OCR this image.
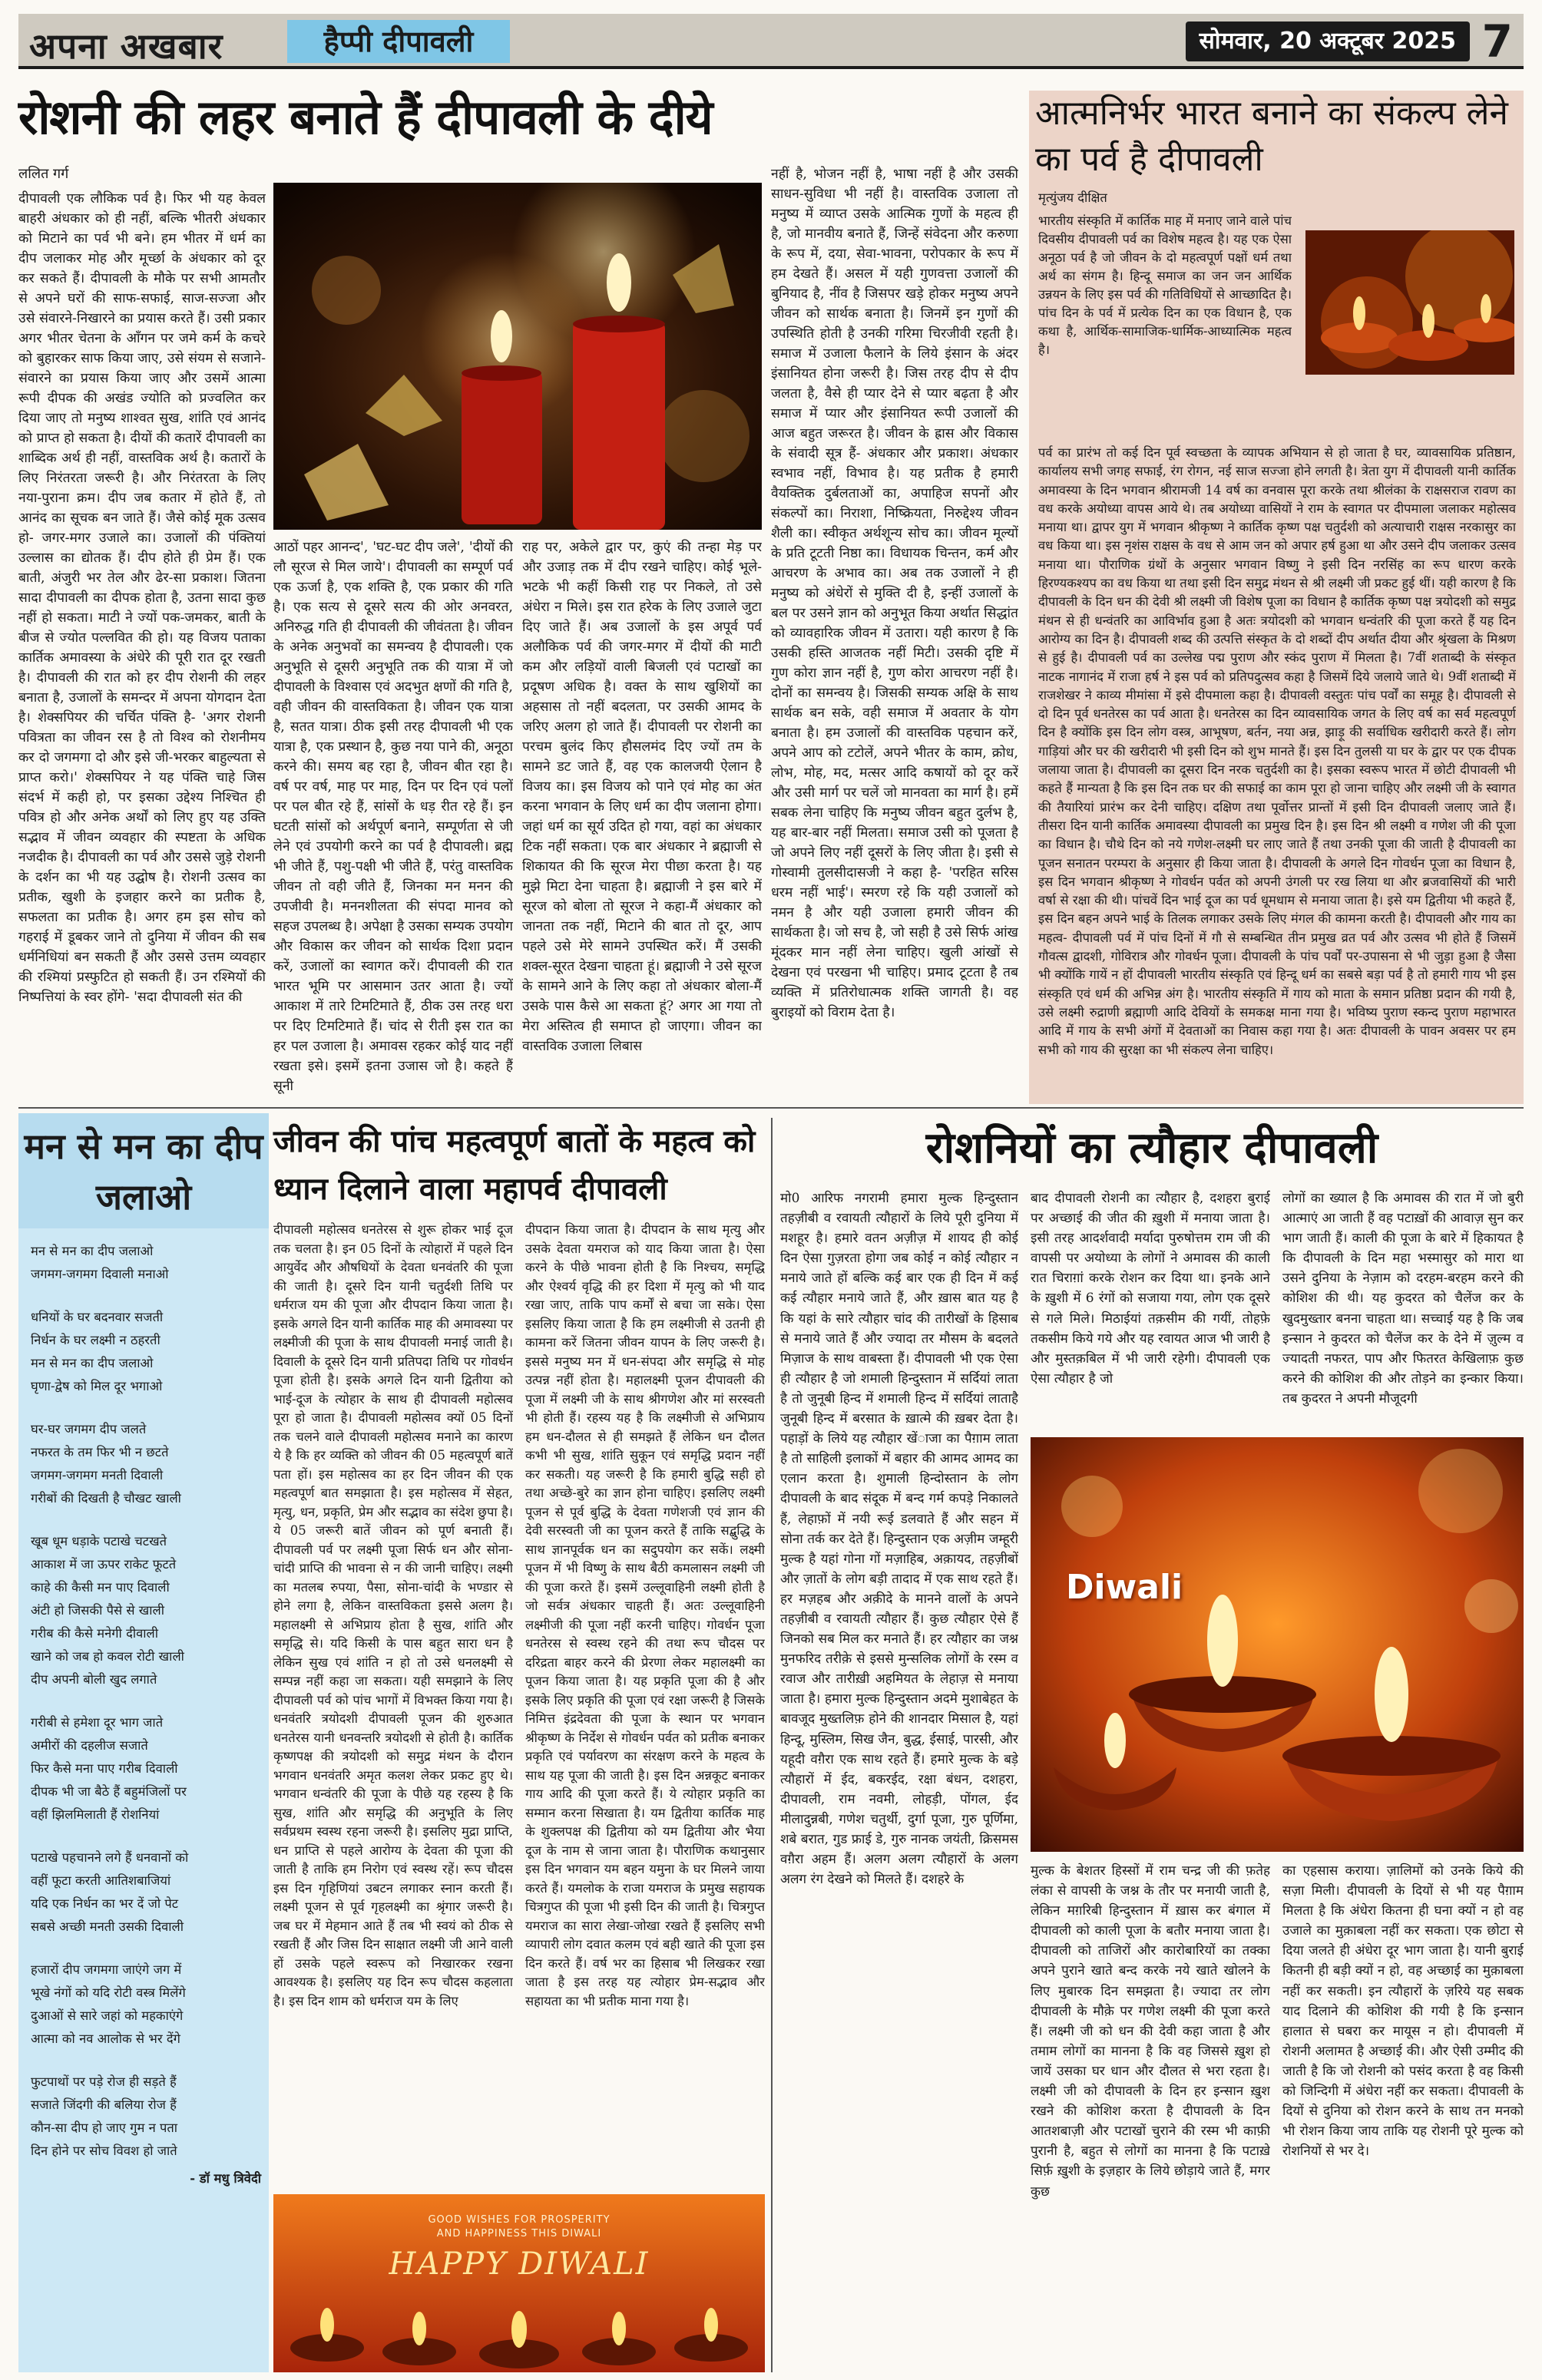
अपना अखबार	हैप्पी दीपावली	सोमवार, 20 अक्टूबर 2025 7
रोशनी की लहर बनाते हैं दीपावली के दीये
ललित गर्ग

दीपावली एक लौकिक पर्व है। फिर भी यह केवल बाहरी अंधकार को ही नहीं, बल्कि भीतरी अंधकार को मिटाने का पर्व भी बने। हम भीतर में धर्म का दीप जलाकर मोह और मूर्च्छा के अंधकार को दूर कर सकते हैं। दीपावली के मौके पर सभी आमतौर से अपने घरों की साफ-सफाई, साज-सज्जा और उसे संवारने-निखारने का प्रयास करते हैं। उसी प्रकार अगर भीतर चेतना के आँगन पर जमे कर्म के कचरे को बुहारकर साफ किया जाए, उसे संयम से सजाने-संवारने का प्रयास किया जाए और उसमें आत्मा रूपी दीपक की अखंड ज्योति को प्रज्वलित कर दिया जाए तो मनुष्य शाश्वत सुख, शांति एवं आनंद को प्राप्त हो सकता है। दीयों की कतारें दीपावली का शाब्दिक अर्थ ही नहीं, वास्तविक अर्थ है। कतारों के लिए निरंतरता जरूरी है। और निरंतरता के लिए नया-पुराना क्रम। दीप जब कतार में होते हैं, तो आनंद का सूचक बन जाते हैं। जैसे कोई मूक उत्सव हो- जगर-मगर उजाले का। उजालों की पंक्तियां उल्लास का द्योतक हैं। दीप होते ही प्रेम हैं। एक बाती, अंजुरी भर तेल और ढेर-सा प्रकाश। जितना सादा दीपावली का दीपक होता है, उतना सादा कुछ नहीं हो सकता। माटी ने ज्यों पक-जमकर, बाती के बीज से ज्योत पल्लवित की हो। यह विजय पताका कार्तिक अमावस्या के अंधेरे की पूरी रात दूर रखती है। दीपावली की रात को हर दीप रोशनी की लहर बनाता है, उजालों के समन्दर में अपना योगदान देता है। शेक्सपियर की चर्चित पंक्ति है- 'अगर रोशनी पवित्रता का जीवन रस है तो विश्व को रोशनीमय कर दो जगमगा दो और इसे जी-भरकर बाहुल्यता से प्राप्त करो।' शेक्सपियर ने यह पंक्ति चाहे जिस संदर्भ में कही हो, पर इसका उद्देश्य निश्चित ही पवित्र हो और अनेक अर्थों को लिए हुए यह उक्ति सद्भाव में जीवन व्यवहार की स्पष्टता के अधिक नजदीक है। दीपावली का पर्व और उससे जुड़े रोशनी के दर्शन का भी यह उद्घोष है। रोशनी उत्सव का प्रतीक, खुशी के इजहार करने का प्रतीक है, सफलता का प्रतीक है। अगर हम इस सोच को गहराई में डूबकर जाने तो दुनिया में जीवन की सब धर्मनिधियां बन सकती हैं और उससे उत्तम व्यवहार की रश्मियां प्रस्फुटित हो सकती हैं। उन रश्मियों की निष्पत्तियां के स्वर होंगे- 'सदा दीपावली संत की

आठों पहर आनन्द', 'घट-घट दीप जले', 'दीयों की लौ सूरज से मिल जाये'। दीपावली का सम्पूर्ण पर्व एक ऊर्जा है, एक शक्ति है, एक प्रकार की गति है। एक सत्य से दूसरे सत्य की ओर अनवरत, अनिरुद्ध गति ही दीपावली की जीवंतता है। जीवन के अनेक अनुभवों का समन्वय है दीपावली। एक अनुभूति से दूसरी अनुभूति तक की यात्रा में जो दीपावली के विश्वास एवं अदभुत क्षणों की गति है, वही जीवन की वास्तविकता है। जीवन एक यात्रा है, सतत यात्रा। ठीक इसी तरह दीपावली भी एक यात्रा है, एक प्रस्थान है, कुछ नया पाने की, अनूठा करने की। समय बह रहा है, जीवन बीत रहा है। वर्ष पर वर्ष, माह पर माह, दिन पर दिन एवं पलों पर पल बीत रहे हैं, सांसों के धड़ रीत रहे हैं। इन घटती सांसों को अर्थपूर्ण बनाने, सम्पूर्णता से जी लेने एवं उपयोगी करने का पर्व है दीपावली। ब्रह्म भी जीते हैं, पशु-पक्षी भी जीते हैं, परंतु वास्तविक जीवन तो वही जीते हैं, जिनका मन मनन की उपजीवी है। मननशीलता की संपदा मानव को सहज उपलब्ध है। अपेक्षा है उसका सम्यक उपयोग और विकास कर जीवन को सार्थक दिशा प्रदान करें, उजालों का स्वागत करें। दीपावली की रात भारत भूमि पर आसमान उतर आता है। ज्यों आकाश में तारे टिमटिमाते हैं, ठीक उस तरह धरा पर दिए टिमटिमाते हैं। चांद से रीती इस रात का हर पल उजाला है। अमावस रहकर कोई याद नहीं रखता इसे। इसमें इतना उजास जो है। कहते हैं सूनी

राह पर, अकेले द्वार पर, कुएं की तन्हा मेड़ पर और उजाड़ तक में दीप रखने चाहिए। कोई भूले-भटके भी कहीं किसी राह पर निकले, तो उसे अंधेरा न मिले। इस रात हरेक के लिए उजाले जुटा दिए जाते हैं। अब उजालों के इस अपूर्व पर्व अलौकिक पर्व की जगर-मगर में दीयों की माटी कम और लड़ियों वाली बिजली एवं पटाखों का प्रदूषण अधिक है। वक्त के साथ खुशियों का अहसास तो नहीं बदलता, पर उसकी आमद के जरिए अलग हो जाते हैं। दीपावली पर रोशनी का परचम बुलंद किए हौसलमंद दिए ज्यों तम के सामने डट जाते हैं, वह एक कालजयी ऐलान है विजय का। इस विजय को पाने एवं मोह का अंत करना भगवान के लिए धर्म का दीप जलाना होगा। जहां धर्म का सूर्य उदित हो गया, वहां का अंधकार टिक नहीं सकता। एक बार अंधकार ने ब्रह्माजी से शिकायत की कि सूरज मेरा पीछा करता है। यह मुझे मिटा देना चाहता है। ब्रह्माजी ने इस बारे में सूरज को बोला तो सूरज ने कहा-मैं अंधकार को जानता तक नहीं, मिटाने की बात तो दूर, आप पहले उसे मेरे सामने उपस्थित करें। मैं उसकी शक्ल-सूरत देखना चाहता हूं। ब्रह्माजी ने उसे सूरज के सामने आने के लिए कहा तो अंधकार बोला-मैं उसके पास कैसे आ सकता हूं? अगर आ गया तो मेरा अस्तित्व ही समाप्त हो जाएगा। जीवन का वास्तविक उजाला लिबास

नहीं है, भोजन नहीं है, भाषा नहीं है और उसकी साधन-सुविधा भी नहीं है। वास्तविक उजाला तो मनुष्य में व्याप्त उसके आत्मिक गुणों के महत्व ही है, जो मानवीय बनाते हैं, जिन्हें संवेदना और करुणा के रूप में, दया, सेवा-भावना, परोपकार के रूप में हम देखते हैं। असल में यही गुणवत्ता उजालों की बुनियाद है, नींव है जिसपर खड़े होकर मनुष्य अपने जीवन को सार्थक बनाता है। जिनमें इन गुणों की उपस्थिति होती है उनकी गरिमा चिरजीवी रहती है। समाज में उजाला फैलाने के लिये इंसान के अंदर इंसानियत होना जरूरी है। जिस तरह दीप से दीप जलता है, वैसे ही प्यार देने से प्यार बढ़ता है और समाज में प्यार और इंसानियत रूपी उजालों की आज बहुत जरूरत है। जीवन के ह्रास और विकास के संवादी सूत्र हैं- अंधकार और प्रकाश। अंधकार स्वभाव नहीं, विभाव है। यह प्रतीक है हमारी वैयक्तिक दुर्बलताओं का, अपाहिज सपनों और संकल्पों का। निराशा, निष्क्रियता, निरुद्देश्य जीवन शैली का। स्वीकृत अर्थशून्य सोच का। जीवन मूल्यों के प्रति टूटती निष्ठा का। विधायक चिन्तन, कर्म और आचरण के अभाव का। अब तक उजालों ने ही मनुष्य को अंधेरों से मुक्ति दी है, इन्हीं उजालों के बल पर उसने ज्ञान को अनुभूत किया अर्थात सिद्धांत को व्यावहारिक जीवन में उतारा। यही कारण है कि उसकी हस्ति आजतक नहीं मिटी। उसकी दृष्टि में गुण कोरा ज्ञान नहीं है, गुण कोरा आचरण नहीं है। दोनों का समन्वय है। जिसकी सम्यक अक्षि के साथ सार्थक बन सके, वही समाज में अवतार के योग बनाता है। हम उजालों की वास्तविक पहचान करें, अपने आप को टटोलें, अपने भीतर के काम, क्रोध, लोभ, मोह, मद, मत्सर आदि कषायों को दूर करें और उसी मार्ग पर चलें जो मानवता का मार्ग है। हमें सबक लेना चाहिए कि मनुष्य जीवन बहुत दुर्लभ है, यह बार-बार नहीं मिलता। समाज उसी को पूजता है जो अपने लिए नहीं दूसरों के लिए जीता है। इसी से गोस्वामी तुलसीदासजी ने कहा है- 'परहित सरिस धरम नहीं भाई'। स्मरण रहे कि यही उजालों को नमन है और यही उजाला हमारी जीवन की सार्थकता है। जो सच है, जो सही है उसे सिर्फ आंख मूंदकर मान नहीं लेना चाहिए। खुली आंखों से देखना एवं परखना भी चाहिए। प्रमाद टूटता है तब व्यक्ति में प्रतिरोधात्मक शक्ति जागती है। वह बुराइयों को विराम देता है।

आत्मनिर्भर भारत बनाने का संकल्प लेने का पर्व है दीपावली
मृत्युंजय दीक्षित

भारतीय संस्कृति में कार्तिक माह में मनाए जाने वाले पांच दिवसीय दीपावली पर्व का विशेष महत्व है। यह एक ऐसा अनूठा पर्व है जो जीवन के दो महत्वपूर्ण पक्षों धर्म तथा अर्थ का संगम है। हिन्दू समाज का जन जन आर्थिक उन्नयन के लिए इस पर्व की गतिविधियों से आच्छादित है। पांच दिन के पर्व में प्रत्येक दिन का एक विधान है, एक कथा है, आर्थिक-सामाजिक-धार्मिक-आध्यात्मिक महत्व है।

पर्व का प्रारंभ तो कई दिन पूर्व स्वच्छता के व्यापक अभियान से हो जाता है घर, व्यावसायिक प्रतिष्ठान, कार्यालय सभी जगह सफाई, रंग रोगन, नई साज सज्जा होने लगती है। त्रेता युग में दीपावली यानी कार्तिक अमावस्या के दिन भगवान श्रीरामजी 14 वर्ष का वनवास पूरा करके तथा श्रीलंका के राक्षसराज रावण का वध करके अयोध्या वापस आये थे। तब अयोध्या वासियों ने राम के स्वागत पर दीपमाला जलाकर महोत्सव मनाया था। द्वापर युग में भगवान श्रीकृष्ण ने कार्तिक कृष्ण पक्ष चतुर्दशी को अत्याचारी राक्षस नरकासुर का वध किया था। इस नृशंस राक्षस के वध से आम जन को अपार हर्ष हुआ था और उसने दीप जलाकर उत्सव मनाया था। पौराणिक ग्रंथों के अनुसार भगवान विष्णु ने इसी दिन नरसिंह का रूप धारण करके हिरण्यकश्यप का वध किया था तथा इसी दिन समुद्र मंथन से श्री लक्ष्मी जी प्रकट हुई थीं। यही कारण है कि दीपावली के दिन धन की देवी श्री लक्ष्मी जी विशेष पूजा का विधान है कार्तिक कृष्ण पक्ष त्रयोदशी को समुद्र मंथन से ही धन्वंतरि का आविर्भाव हुआ है अतः त्रयोदशी को भगवान धन्वंतरि की पूजा करते हैं यह दिन आरोग्य का दिन है। दीपावली शब्द की उत्पत्ति संस्कृत के दो शब्दों दीप अर्थात दीया और श्रृंखला के मिश्रण से हुई है। दीपावली पर्व का उल्लेख पद्म पुराण और स्कंद पुराण में मिलता है। 7वीं शताब्दी के संस्कृत नाटक नागानंद में राजा हर्ष ने इस पर्व को प्रतिपदुत्सव कहा है जिसमें दिये जलाये जाते थे। 9वीं शताब्दी में राजशेखर ने काव्य मीमांसा में इसे दीपमाला कहा है। दीपावली वस्तुतः पांच पर्वों का समूह है। दीपावली से दो दिन पूर्व धनतेरस का पर्व आता है। धनतेरस का दिन व्यावसायिक जगत के लिए वर्ष का सर्व महत्वपूर्ण दिन है क्योंकि इस दिन लोग वस्त्र, आभूषण, बर्तन, नया अन्न, झाड़ू की सर्वाधिक खरीदारी करते हैं। लोग गाड़ियां और घर की खरीदारी भी इसी दिन को शुभ मानते हैं। इस दिन तुलसी या घर के द्वार पर एक दीपक जलाया जाता है। दीपावली का दूसरा दिन नरक चतुर्दशी का है। इसका स्वरूप भारत में छोटी दीपावली भी कहते हैं मान्यता है कि इस दिन तक घर की सफाई का काम पूरा हो जाना चाहिए और लक्ष्मी जी के स्वागत की तैयारियां प्रारंभ कर देनी चाहिए। दक्षिण तथा पूर्वोत्तर प्रान्तों में इसी दिन दीपावली जलाए जाते हैं। तीसरा दिन यानी कार्तिक अमावस्या दीपावली का प्रमुख दिन है। इस दिन श्री लक्ष्मी व गणेश जी की पूजा का विधान है। चौथे दिन को नये गणेश-लक्ष्मी घर लाए जाते हैं तथा उनकी पूजा की जाती है दीपावली का पूजन सनातन परम्परा के अनुसार ही किया जाता है। दीपावली के अगले दिन गोवर्धन पूजा का विधान है, इस दिन भगवान श्रीकृष्ण ने गोवर्धन पर्वत को अपनी उंगली पर रख लिया था और ब्रजवासियों की भारी वर्षा से रक्षा की थी। पांचवें दिन भाई दूज का पर्व धूमधाम से मनाया जाता है। इसे यम द्वितीया भी कहते हैं, इस दिन बहन अपने भाई के तिलक लगाकर उसके लिए मंगल की कामना करती है। दीपावली और गाय का महत्व- दीपावली पर्व में पांच दिनों में गौ से सम्बन्धित तीन प्रमुख व्रत पर्व और उत्सव भी होते हैं जिसमें गौवत्स द्वादशी, गोविरात्र और गोवर्धन पूजा। दीपावली के पांच पर्वों पर-उपासना से भी जुड़ा हुआ है जैसा भी क्योंकि गायें न हों दीपावली भारतीय संस्कृति एवं हिन्दू धर्म का सबसे बड़ा पर्व है तो हमारी गाय भी इस संस्कृति एवं धर्म की अभिन्न अंग है। भारतीय संस्कृति में गाय को माता के समान प्रतिष्ठा प्रदान की गयी है, उसे लक्ष्मी रुद्राणी ब्रह्माणी आदि देवियों के समकक्ष माना गया है। भविष्य पुराण स्कन्द पुराण महाभारत आदि में गाय के सभी अंगों में देवताओं का निवास कहा गया है। अतः दीपावली के पावन अवसर पर हम सभी को गाय की सुरक्षा का भी संकल्प लेना चाहिए।

मन से मन का दीप जलाओ
मन से मन का दीप जलाओ
जगमग-जगमग दिवाली मनाओ
धनियों के घर बदनवार सजती
निर्धन के घर लक्ष्मी न ठहरती
मन से मन का दीप जलाओ
घृणा-द्वेष को मिल दूर भगाओ
घर-घर जगमग दीप जलते
नफरत के तम फिर भी न छटते
जगमग-जगमग मनती दिवाली
गरीबों की दिखती है चौखट खाली
खूब धूम धड़ाके पटाखे चटखते
आकाश में जा ऊपर राकेट फूटते
काहे की कैसी मन पाए दिवाली
अंटी हो जिसकी पैसे से खाली
गरीब की कैसे मनेगी दीवाली
खाने को जब हो कवल रोटी खाली
दीप अपनी बोली खुद लगाते
गरीबी से हमेशा दूर भाग जाते
अमीरों की दहलीज सजाते
फिर कैसे मना पाए गरीब दिवाली
दीपक भी जा बैठे हैं बहुमंजिलों पर
वहीं झिलमिलाती हैं रोशनियां
पटाखे पहचानने लगे हैं धनवानों को
वहीं फूटा करती आतिशबाजियां
यदि एक निर्धन का भर दें जो पेट
सबसे अच्छी मनती उसकी दिवाली
हजारों दीप जगमगा जाएंगे जग में
भूखे नंगों को यदि रोटी वस्त्र मिलेंगे
दुआओं से सारे जहां को महकाएंगे
आत्मा को नव आलोक से भर देंगे
फुटपाथों पर पड़े रोज ही सड़ते हैं
सजाते जिंदगी की बलिया रोज हैं
कौन-सा दीप हो जाए गुम न पता
दिन होने पर सोच विवश हो जाते
- डॉ मधु त्रिवेदी
जीवन की पांच महत्वपूर्ण बातों के महत्व को ध्यान दिलाने वाला महापर्व दीपावली

दीपावली महोत्सव धनतेरस से शुरू होकर भाई दूज तक चलता है। इन 05 दिनों के त्योहारों में पहले दिन आयुर्वेद और औषधियों के देवता धनवंतरि की पूजा की जाती है। दूसरे दिन यानी चतुर्दशी तिथि पर धर्मराज यम की पूजा और दीपदान किया जाता है। इसके अगले दिन यानी कार्तिक माह की अमावस्या पर लक्ष्मीजी की पूजा के साथ दीपावली मनाई जाती है। दिवाली के दूसरे दिन यानी प्रतिपदा तिथि पर गोवर्धन पूजा होती है। इसके अगले दिन यानी द्वितीया को भाई-दूज के त्योहार के साथ ही दीपावली महोत्सव पूरा हो जाता है। दीपावली महोत्सव क्यों 05 दिनों तक चलने वाले दीपावली महोत्सव मनाने का कारण ये है कि हर व्यक्ति को जीवन की 05 महत्वपूर्ण बातें पता हों। इस महोत्सव का हर दिन जीवन की एक महत्वपूर्ण बात समझाता है। इस महोत्सव में सेहत, मृत्यु, धन, प्रकृति, प्रेम और सद्भाव का संदेश छुपा है। ये 05 जरूरी बातें जीवन को पूर्ण बनाती हैं। दीपावली पर्व पर लक्ष्मी पूजा सिर्फ धन और सोना-चांदी प्राप्ति की भावना से न की जानी चाहिए। लक्ष्मी का मतलब रुपया, पैसा, सोना-चांदी के भण्डार से होने लगा है, लेकिन वास्तविकता इससे अलग है। महालक्ष्मी से अभिप्राय होता है सुख, शांति और समृद्धि से। यदि किसी के पास बहुत सारा धन है लेकिन सुख एवं शांति न हो तो उसे धनलक्ष्मी से सम्पन्न नहीं कहा जा सकता। यही समझाने के लिए दीपावली पर्व को पांच भागों में विभक्त किया गया है। धनवंतरि त्रयोदशी दीपावली पूजन की शुरुआत धनतेरस यानी धनवन्तरि त्रयोदशी से होती है। कार्तिक कृष्णपक्ष की त्रयोदशी को समुद्र मंथन के दौरान भगवान धनवंतरि अमृत कलश लेकर प्रकट हुए थे। भगवान धन्वंतरि की पूजा के पीछे यह रहस्य है कि सुख, शांति और समृद्धि की अनुभूति के लिए सर्वप्रथम स्वस्थ रहना जरूरी है। इसलिए मुद्रा प्राप्ति, धन प्राप्ति से पहले आरोग्य के देवता की पूजा की जाती है ताकि हम निरोग एवं स्वस्थ रहें। रूप चौदस इस दिन गृहिणियां उबटन लगाकर स्नान करती हैं। लक्ष्मी पूजन से पूर्व गृहलक्ष्मी का श्रृंगार जरूरी है। जब घर में मेहमान आते हैं तब भी स्वयं को ठीक से रखती हैं और जिस दिन साक्षात लक्ष्मी जी आने वाली हों उसके पहले स्वरूप को निखारकर रखना आवश्यक है। इसलिए यह दिन रूप चौदस कहलाता है। इस दिन शाम को धर्मराज यम के लिए

दीपदान किया जाता है। दीपदान के साथ मृत्यु और उसके देवता यमराज को याद किया जाता है। ऐसा करने के पीछे भावना होती है कि निश्चय, समृद्धि और ऐश्वर्य वृद्धि की हर दिशा में मृत्यु को भी याद रखा जाए, ताकि पाप कर्मों से बचा जा सके। ऐसा इसलिए किया जाता है कि हम लक्ष्मीजी से उतनी ही कामना करें जितना जीवन यापन के लिए जरूरी है। इससे मनुष्य मन में धन-संपदा और समृद्धि से मोह उत्पन्न नहीं होता है। महालक्ष्मी पूजन दीपावली की पूजा में लक्ष्मी जी के साथ श्रीगणेश और मां सरस्वती भी होती हैं। रहस्य यह है कि लक्ष्मीजी से अभिप्राय हम धन-दौलत से ही समझते हैं लेकिन धन दौलत कभी भी सुख, शांति सुकून एवं समृद्धि प्रदान नहीं कर सकती। यह जरूरी है कि हमारी बुद्धि सही हो तथा अच्छे-बुरे का ज्ञान होना चाहिए। इसलिए लक्ष्मी पूजन से पूर्व बुद्धि के देवता गणेशजी एवं ज्ञान की देवी सरस्वती जी का पूजन करते हैं ताकि सद्बुद्धि के साथ ज्ञानपूर्वक धन का सदुपयोग कर सकें। लक्ष्मी पूजन में भी विष्णु के साथ बैठी कमलासन लक्ष्मी जी की पूजा करते हैं। इसमें उल्लूवाहिनी लक्ष्मी होती है जो सर्वत्र अंधकार चाहती हैं। अतः उल्लूवाहिनी लक्ष्मीजी की पूजा नहीं करनी चाहिए। गोवर्धन पूजा धनतेरस से स्वस्थ रहने की तथा रूप चौदस पर दरिद्रता बाहर करने की प्रेरणा लेकर महालक्ष्मी का पूजन किया जाता है। यह प्रकृति पूजा की है और इसके लिए प्रकृति की पूजा एवं रक्षा जरूरी है जिसके निमित्त इंद्रदेवता की पूजा के स्थान पर भगवान श्रीकृष्ण के निर्देश से गोवर्धन पर्वत को प्रतीक बनाकर प्रकृति एवं पर्यावरण का संरक्षण करने के महत्व के साथ यह पूजा की जाती है। इस दिन अन्नकूट बनाकर गाय आदि की पूजा करते हैं। ये त्योहार प्रकृति का सम्मान करना सिखाता है। यम द्वितीया कार्तिक माह के शुक्लपक्ष की द्वितीया को यम द्वितीया और भैया दूज के नाम से जाना जाता है। पौराणिक कथानुसार इस दिन भगवान यम बहन यमुना के घर मिलने जाया करते हैं। यमलोक के राजा यमराज के प्रमुख सहायक चित्रगुप्त की पूजा भी इसी दिन की जाती है। चित्रगुप्त यमराज का सारा लेखा-जोखा रखते हैं इसलिए सभी व्यापारी लोग दवात कलम एवं बही खाते की पूजा इस दिन करते हैं। वर्ष भर का हिसाब भी लिखकर रखा जाता है इस तरह यह त्योहार प्रेम-सद्भाव और सहायता का भी प्रतीक माना गया है।

GOOD WISHES FOR PROSPERITY
AND HAPPINESS THIS DIWALI
HAPPY DIWALI
रोशनियों का त्यौहार दीपावली

मो0 आरिफ नगरामी हमारा मुल्क हिन्दुस्तान तहज़ीबी व रवायती त्यौहारों के लिये पूरी दुनिया में मशहूर है। हमारे वतन अज़ीज़ में शायद ही कोई दिन ऐसा गुज़रता होगा जब कोई न कोई त्यौहार न मनाये जाते हों बल्कि कई बार एक ही दिन में कई कई त्यौहार मनाये जाते हैं, और ख़ास बात यह है कि यहां के सारे त्यौहार चांद की तारीखों के हिसाब से मनाये जाते हैं और ज्यादा तर मौसम के बदलते मिज़ाज के साथ वाबस्ता हैं। दीपावली भी एक ऐसा ही त्यौहार है जो शमाली हिन्दुस्तान में सर्दियां लाता है तो जुनूबी हिन्द में शमाली हिन्द में सर्दियां लाताहै जुनूबी हिन्द में बरसात के ख़ात्मे की ख़बर देता है। पहाड़ों के लिये यह त्यौहार खेंाजा का पैग़ाम लाता है तो साहिली इलाकों में बहार की आमद आमद का एलान करता है। शुमाली हिन्दोस्तान के लोग दीपावली के बाद संदूक में बन्द गर्म कपड़े निकालते हैं, लेहाफ़ों में नयी रूई डलवाते हैं और सहन में सोना तर्क कर देते हैं। हिन्दुस्तान एक अज़ीम जम्हूरी मुल्क है यहां गोना गों मज़ाहिब, अक़ायद, तहज़ीबों और ज़ातों के लोग बड़ी तादाद में एक साथ रहते हैं। हर मज़हब और अक़ीदे के मानने वालों के अपने तहज़ीबी व रवायती त्यौहार हैं। कुछ त्यौहार ऐसे हैं जिनको सब मिल कर मनाते हैं। हर त्यौहार का जश्न मुनफरिद तरीक़े से इससे मुन्सलिक लोगों के रस्म व रवाज और तारीख़ी अहमियत के लेहाज़ से मनाया जाता है। हमारा मुल्क हिन्दुस्तान अदमे मुशाबेहत के बावजूद मुख्तलिफ़ होने की शानदार मिसाल है, यहां हिन्दू, मुस्लिम, सिख जैन, बुद्ध, ईसाई, पारसी, और यहूदी वग़ैरा एक साथ रहते हैं। हमारे मुल्क के बड़े त्यौहारों में ईद, बकरईद, रक्षा बंधन, दशहरा, दीपावली, राम नवमी, लोहड़ी, पोंगल, ईद मीलादुन्नबी, गणेश चतुर्थी, दुर्गा पूजा, गुरु पूर्णिमा, शबे बरात, गुड फ्राई डे, गुरु नानक जयंती, क्रिसमस वग़ैरा अहम हैं। अलग अलग त्यौहारों के अलग अलग रंग देखने को मिलते हैं। दशहरे के

बाद दीपावली रोशनी का त्यौहार है, दशहरा बुराई पर अच्छाई की जीत की ख़ुशी में मनाया जाता है। इसी तरह आदर्शवादी मर्यादा पुरुषोत्तम राम जी की वापसी पर अयोध्या के लोगों ने अमावस की काली रात चिराग़ां करके रोशन कर दिया था। इनके आने के ख़ुशी में 6 रंगों को सजाया गया, लोग एक दूसरे से गले मिले। मिठाईयां तक़सीम की गयीं, तोहफ़े तकसीम किये गये और यह रवायत आज भी जारी है और मुस्तक़बिल में भी जारी रहेगी। दीपावली एक ऐसा त्यौहार है जो

लोगों का ख्याल है कि अमावस की रात में जो बुरी आत्माएं आ जाती हैं वह पटाख़ों की आवाज़ सुन कर भाग जाती हैं। काली की पूजा के बारे में हिकायत है कि दीपावली के दिन महा भस्मासुर को मारा था उसने दुनिया के नेज़ाम को दरहम-बरहम करने की कोशिश की थी। यह कुदरत को चैलेंज कर के खुदमुख्तार बनना चाहता था। सच्चाई यह है कि जब इन्सान ने कुदरत को चैलेंज कर के देने में ज़ुल्म व ज्यादती नफरत, पाप और फितरत केखिलाफ़ कुछ करने की कोशिश की और तोड़ने का इन्कार किया। तब कुदरत ने अपनी मौजूदगी

Diwali

मुल्क के बेशतर हिस्सों में राम चन्द्र जी की फ़तेह लंका से वापसी के जश्न के तौर पर मनायी जाती है, लेकिन मग़रिबी हिन्दुस्तान में ख़ास कर बंगाल में दीपावली को काली पूजा के बतौर मनाया जाता है। दीपावली को ताजिरों और कारोबारियों का तक्का अपने पुराने खाते बन्द करके नये खाते खोलने के लिए मुबारक दिन समझता है। ज्यादा तर लोग दीपावली के मौक़े पर गणेश लक्ष्मी की पूजा करते हैं। लक्ष्मी जी को धन की देवी कहा जाता है और तमाम लोगों का मानना है कि वह जिससे ख़ुश हो जायें उसका घर धान और दौलत से भरा रहता है। लक्ष्मी जी को दीपावली के दिन हर इन्सान ख़ुश रखने की कोशिश करता है दीपावली के दिन आतशबाज़ी और पटाखों चुराने की रस्म भी काफ़ी पुरानी है, बहुत से लोगों का मानना है कि पटाख़े सिर्फ़ ख़ुशी के इज़हार के लिये छोड़ाये जाते हैं, मगर कुछ

का एहसास कराया। ज़ालिमों को उनके किये की सज़ा मिली। दीपावली के दियों से भी यह पैग़ाम मिलता है कि अंधेरा कितना ही घना क्यों न हो वह उजाले का मुक़ाबला नहीं कर सकता। एक छोटा से दिया जलते ही अंधेरा दूर भाग जाता है। यानी बुराई कितनी ही बड़ी क्यों न हो, वह अच्छाई का मुक़ाबला नहीं कर सकती। इन त्यौहारों के ज़रिये यह सबक याद दिलाने की कोशिश की गयी है कि इन्सान हालात से घबरा कर मायूस न हो। दीपावली में रोशनी अलामत है अच्छाई की। और ऐसी उम्मीद की जाती है कि जो रोशनी को पसंद करता है वह किसी को जिन्दिगी में अंधेरा नहीं कर सकता। दीपावली के दियों से दुनिया को रोशन करने के साथ तन मनको भी रोशन किया जाय ताकि यह रोशनी पूरे मुल्क को रोशनियों से भर दे।
